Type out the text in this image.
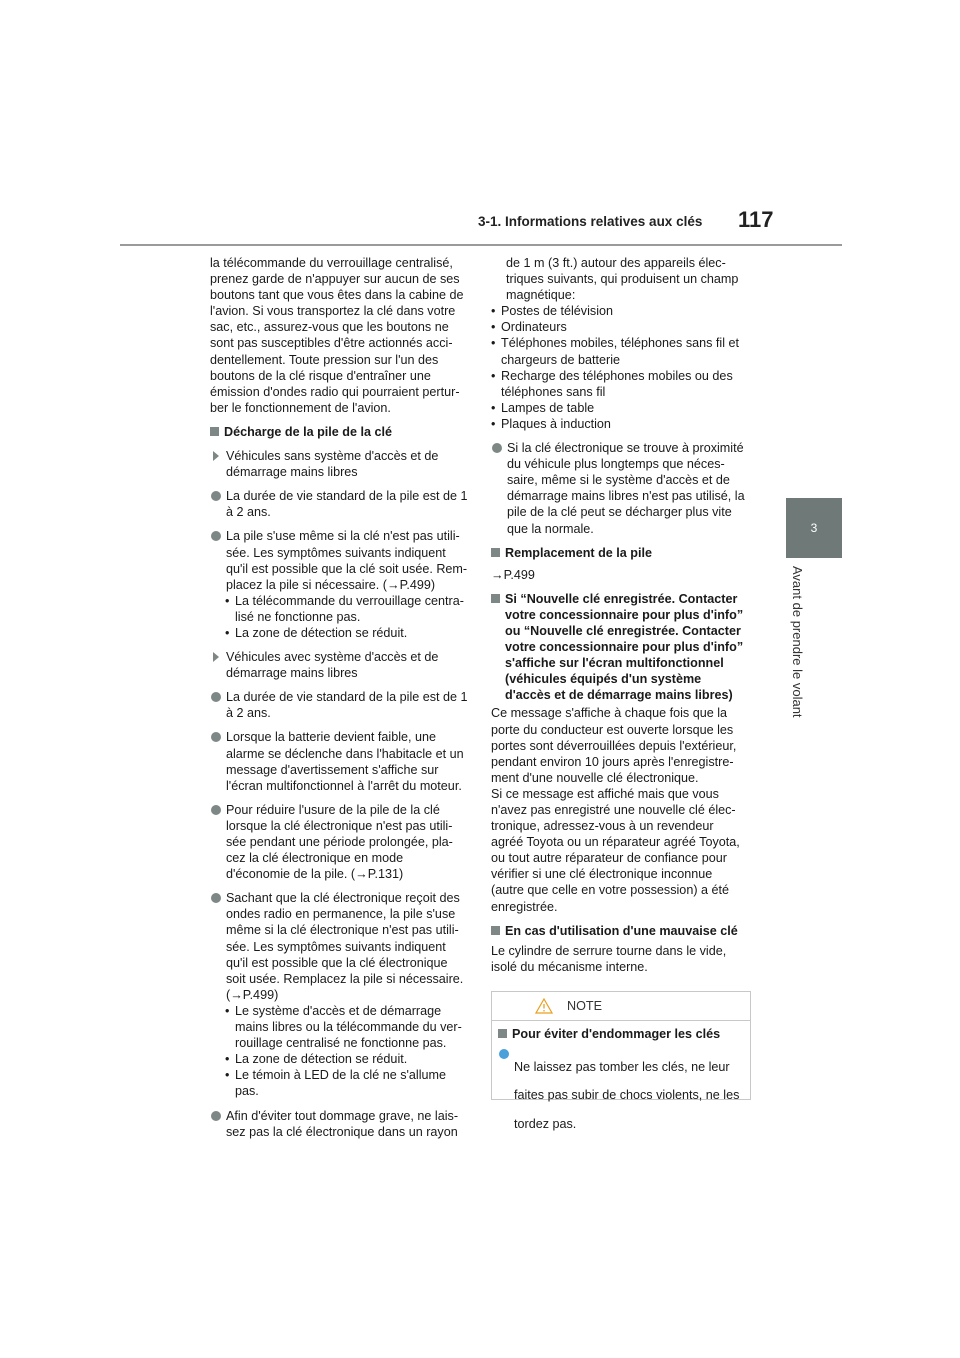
3-1. Informations relatives aux clés 117
3
Avant de prendre le volant

la télécommande du verrouillage centralisé,

prenez garde de n'appuyer sur aucun de ses

boutons tant que vous êtes dans la cabine de

l'avion. Si vous transportez la clé dans votre

sac, etc., assurez-vous que les boutons ne

sont pas susceptibles d'être actionnés acci-

dentellement. Toute pression sur l'un des

boutons de la clé risque d'entraîner une

émission d'ondes radio qui pourraient pertur-

ber le fonctionnement de l'avion.

Décharge de la pile de la clé

Véhicules sans système d'accès et de

démarrage mains libres

La durée de vie standard de la pile est de 1

à 2 ans.

La pile s'use même si la clé n'est pas utili-

sée. Les symptômes suivants indiquent

qu'il est possible que la clé soit usée. Rem-

placez la pile si nécessaire. (→P.499)

• La télécommande du verrouillage centra-

lisé ne fonctionne pas.

• La zone de détection se réduit.

Véhicules avec système d'accès et de

démarrage mains libres

La durée de vie standard de la pile est de 1

à 2 ans.

Lorsque la batterie devient faible, une

alarme se déclenche dans l'habitacle et un

message d'avertissement s'affiche sur

l'écran multifonctionnel à l'arrêt du moteur.

Pour réduire l'usure de la pile de la clé

lorsque la clé électronique n'est pas utili-

sée pendant une période prolongée, pla-

cez la clé électronique en mode

d'économie de la pile. (→P.131)

Sachant que la clé électronique reçoit des

ondes radio en permanence, la pile s'use

même si la clé électronique n'est pas utili-

sée. Les symptômes suivants indiquent

qu'il est possible que la clé électronique

soit usée. Remplacez la pile si nécessaire.

(→P.499)

• Le système d'accès et de démarrage

mains libres ou la télécommande du ver-

rouillage centralisé ne fonctionne pas.

• La zone de détection se réduit.

• Le témoin à LED de la clé ne s'allume pas.

Afin d'éviter tout dommage grave, ne lais-

sez pas la clé électronique dans un rayon

de 1 m (3 ft.) autour des appareils élec-

triques suivants, qui produisent un champ

magnétique:

• Postes de télévision

• Ordinateurs

• Téléphones mobiles, téléphones sans fil et

chargeurs de batterie

• Recharge des téléphones mobiles ou des

téléphones sans fil

• Lampes de table

• Plaques à induction

Si la clé électronique se trouve à proximité

du véhicule plus longtemps que néces-

saire, même si le système d'accès et de

démarrage mains libres n'est pas utilisé, la

pile de la clé peut se décharger plus vite

que la normale.

Remplacement de la pile
→P.499

Si “Nouvelle clé enregistrée. Contacter

votre concessionnaire pour plus d'info”

ou “Nouvelle clé enregistrée. Contacter

votre concessionnaire pour plus d'info”

s'affiche sur l'écran multifonctionnel

(véhicules équipés d'un système

d'accès et de démarrage mains libres)

Ce message s'affiche à chaque fois que la

porte du conducteur est ouverte lorsque les

portes sont déverrouillées depuis l'extérieur,

pendant environ 10 jours après l'enregistre-

ment d'une nouvelle clé électronique.

Si ce message est affiché mais que vous

n'avez pas enregistré une nouvelle clé élec-

tronique, adressez-vous à un revendeur

agréé Toyota ou un réparateur agréé Toyota,

ou tout autre réparateur de confiance pour

vérifier si une clé électronique inconnue

(autre que celle en votre possession) a été

enregistrée.

En cas d'utilisation d'une mauvaise clé

Le cylindre de serrure tourne dans le vide,

isolé du mécanisme interne.

NOTE
Pour éviter d'endommager les clés

Ne laissez pas tomber les clés, ne leur

faites pas subir de chocs violents, ne les

tordez pas.
